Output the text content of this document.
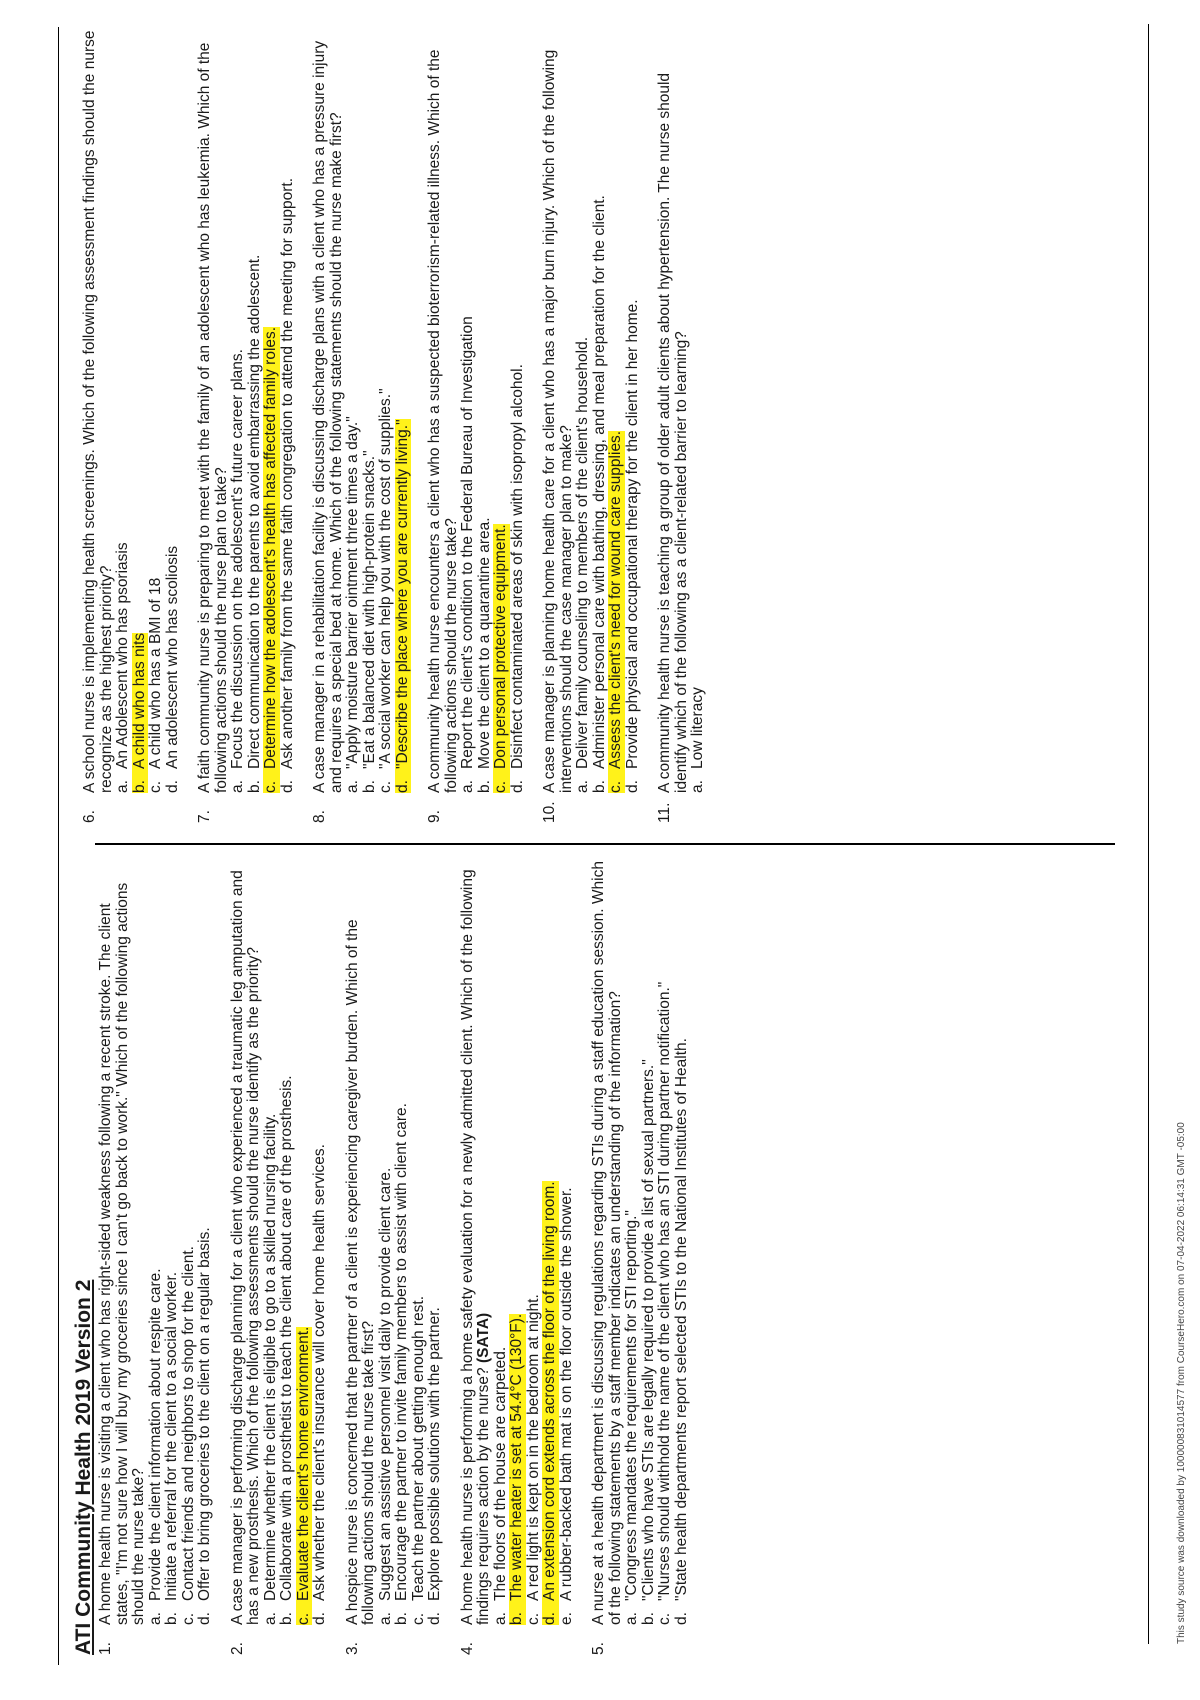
ATI Community Health 2019 Version 2 1.
A home health nurse is visiting a client who has right-sided weakness following a recent stroke. The client states, "I'm not sure how I will buy my groceries since I can't go back to work." Which of the following actions should the nurse take? a.
Provide the client information about respite care.
b.
Initiate a referral for the client to a social worker.
c.
Contact friends and neighbors to shop for the client.
d.
Offer to bring groceries to the client on a regular basis.
2.
A case manager is performing discharge planning for a client who experienced a traumatic leg amputation and has a new prosthesis. Which of the following assessments should the nurse identify as the priority? a.
Determine whether the client is eligible to go to a skilled nursing facility.
b.
Collaborate with a prosthetist to teach the client about care of the prosthesis.
c.
Evaluate the client's home environment.
d.
Ask whether the client's insurance will cover home health services.
3.
A hospice nurse is concerned that the partner of a client is experiencing caregiver burden. Which of the following actions should the nurse take first? a.
Suggest an assistive personnel visit daily to provide client care.
b.
Encourage the partner to invite family members to assist with client care.
c.
Teach the partner about getting enough rest.
d.
Explore possible solutions with the partner.
4.
A home health nurse is performing a home safety evaluation for a newly admitted client. Which of the following findings requires action by the nurse? (SATA)
a.
The floors of the house are carpeted.
b.
The water heater is set at 54.4°C (130°F).
c.
A red light is kept on in the bedroom at night.
d.
An extension cord extends across the floor of the living room.
e.
A rubber-backed bath mat is on the floor outside the shower.
5.
A nurse at a health department is discussing regulations regarding STIs during a staff education session. Which of the following statements by a staff member indicates an understanding of the information? a.
"Congress mandates the requirements for STI reporting."
b.
"Clients who have STIs are legally required to provide a list of sexual partners."
c.
"Nurses should withhold the name of the client who has an STI during partner notification."
d.
"State health departments report selected STIs to the National Institutes of Health.
6.
A school nurse is implementing health screenings. Which of the following assessment findings should the nurse recognize as the highest priority? a.
An Adolescent who has psoriasis
b.
A child who has nits
c.
A child who has a BMI of 18
d.
An adolescent who has scoliosis
7.
A faith community nurse is preparing to meet with the family of an adolescent who has leukemia. Which of the following actions should the nurse plan to take? a.
Focus the discussion on the adolescent's future career plans.
b.
Direct communication to the parents to avoid embarrassing the adolescent.
c.
Determine how the adolescent's health has affected family roles.
d.
Ask another family from the same faith congregation to attend the meeting for support.
8.
A case manager in a rehabilitation facility is discussing discharge plans with a client who has a pressure injury and requires a special bed at home. Which of the following statements should the nurse make first? a.
"Apply moisture barrier ointment three times a day."
b.
"Eat a balanced diet with high-protein snacks."
c.
"A social worker can help you with the cost of supplies."
d.
"Describe the place where you are currently living."
9.
A community health nurse encounters a client who has a suspected bioterrorism-related illness. Which of the following actions should the nurse take? a.
Report the client's condition to the Federal Bureau of Investigation
b.
Move the client to a quarantine area.
c.
Don personal protective equipment.
d.
Disinfect contaminated areas of skin with isopropyl alcohol.
10.
A case manager is planning home health care for a client who has a major burn injury. Which of the following interventions should the case manager plan to make? a.
Deliver family counseling to members of the client's household.
b.
Administer personal care with bathing, dressing, and meal preparation for the client.
c.
Assess the client's need for wound care supplies.
d.
Provide physical and occupational therapy for the client in her home.
11.
A community health nurse is teaching a group of older adult clients about hypertension. The nurse should identify which of the following as a client-related barrier to learning? a.
Low literacy
This study source was downloaded by 100000831014577 from CourseHero.com on 07-04-2022 06:14:31 GMT -05:00
